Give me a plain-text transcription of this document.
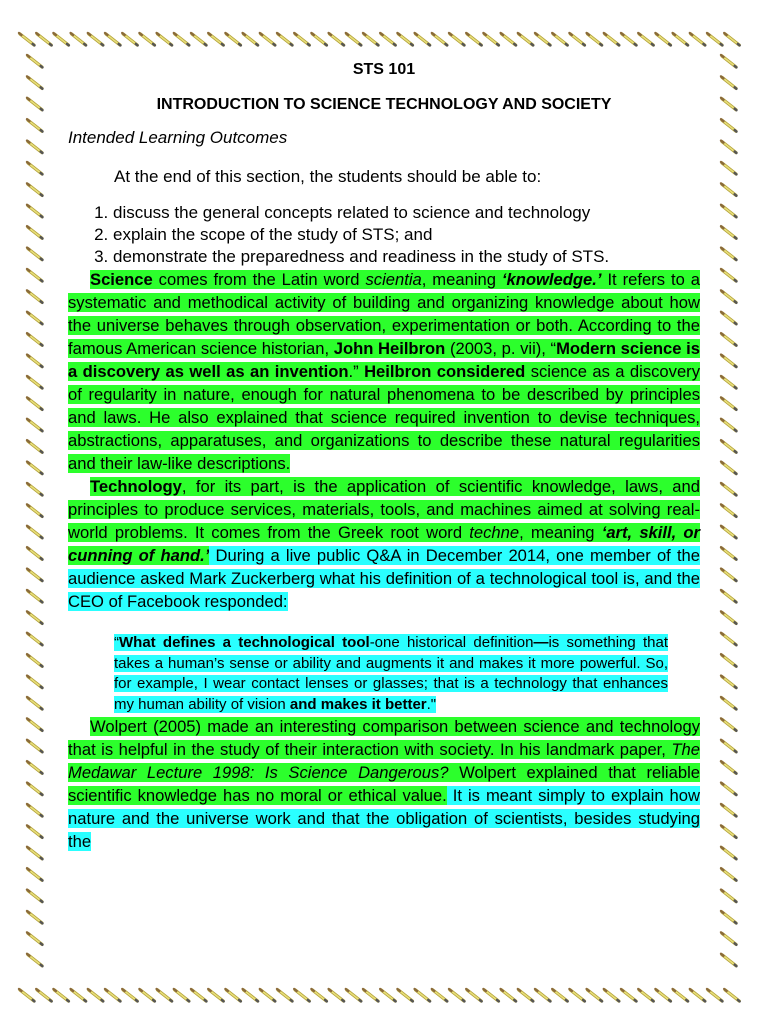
STS 101

INTRODUCTION TO SCIENCE TECHNOLOGY AND SOCIETY

Intended Learning Outcomes
At the end of this section, the students should be able to:
1. discuss the general concepts related to science and technology
2. explain the scope of the study of STS; and
3. demonstrate the preparedness and readiness in the study of STS.

Science comes from the Latin word scientia, meaning ‘knowledge.’ It refers to a systematic and methodical activity of building and organizing knowledge about how the universe behaves through observation, experimentation or both. According to the famous American science historian, John Heilbron (2003, p. vii), “Modern science is a discovery as well as an invention.” Heilbron considered science as a discovery of regularity in nature, enough for natural phenomena to be described by principles and laws. He also explained that science required invention to devise techniques, abstractions, apparatuses, and organizations to describe these natural regularities and their law-like descriptions.

Technology, for its part, is the application of scientific knowledge, laws, and principles to produce services, materials, tools, and machines aimed at solving real-world problems. It comes from the Greek root word techne, meaning ‘art, skill, or cunning of hand.’ During a live public Q&A in December 2014, one member of the audience asked Mark Zuckerberg what his definition of a technological tool is, and the CEO of Facebook responded:

“What defines a technological tool-one historical definition—is something that takes a human’s sense or ability and augments it and makes it more powerful. So, for example, I wear contact lenses or glasses; that is a technology that enhances my human ability of vision and makes it better."

Wolpert (2005) made an interesting comparison between science and technology that is helpful in the study of their interaction with society. In his landmark paper, The Medawar Lecture 1998: Is Science Dangerous? Wolpert explained that reliable scientific knowledge has no moral or ethical value. It is meant simply to explain how nature and the universe work and that the obligation of scientists, besides studying the
